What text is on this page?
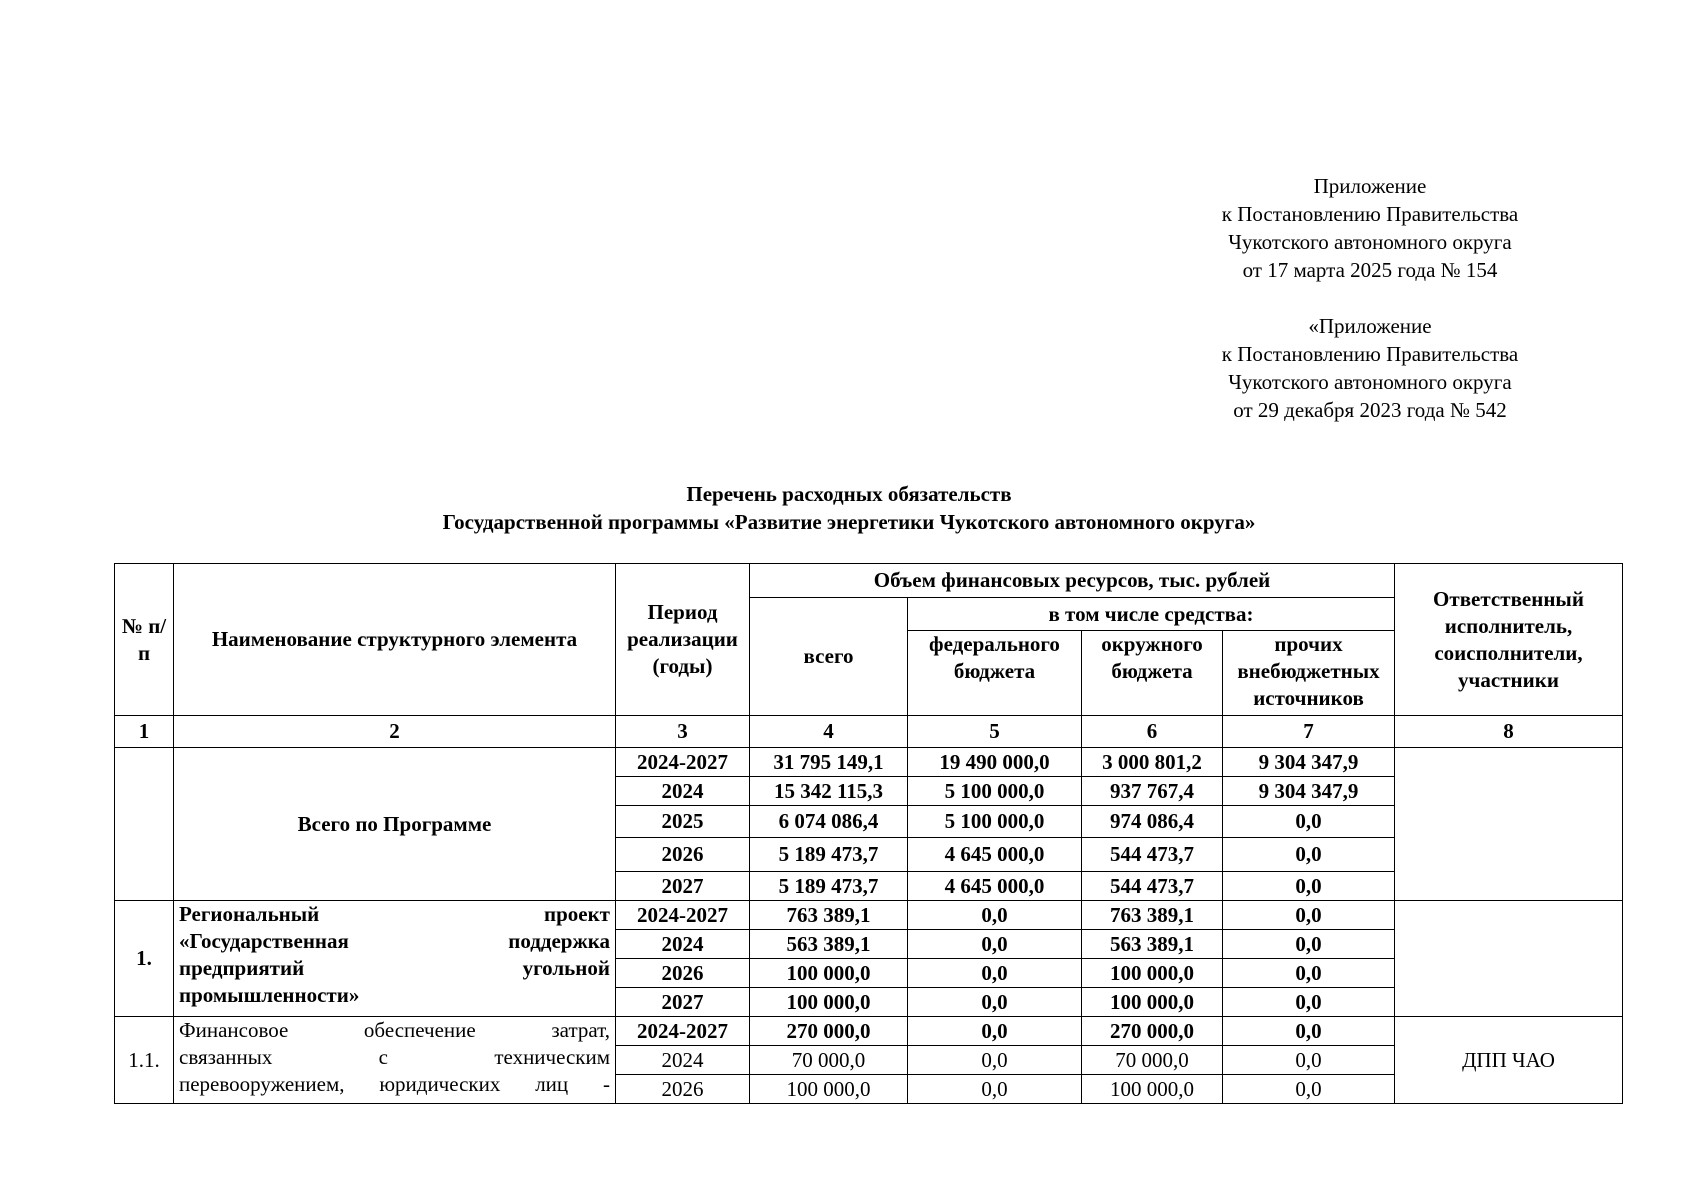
Приложение
к Постановлению Правительства
Чукотского автономного округа
от 17 марта 2025 года № 154
«Приложение
к Постановлению Правительства
Чукотского автономного округа
от 29 декабря 2023 года № 542
Перечень расходных обязательств
Государственной программы «Развитие энергетики Чукотского автономного округа»
№ п/п	Наименование структурного элемента	Период реализации (годы)	Объем финансовых ресурсов, тыс. рублей				Ответственный исполнитель, соисполнители, участники
			всего	в том числе средства:			
				федерального бюджета	окружного бюджета	прочих внебюджетных источников	
1	2	3	4	5	6	7	8
	Всего по Программе	2024-2027	31 795 149,1	19 490 000,0	3 000 801,2	9 304 347,9	
		2024	15 342 115,3	5 100 000,0	937 767,4	9 304 347,9	
		2025	6 074 086,4	5 100 000,0	974 086,4	0,0	
		2026	5 189 473,7	4 645 000,0	544 473,7	0,0	
		2027	5 189 473,7	4 645 000,0	544 473,7	0,0	
1.	Региональный проект
«Государственная поддержка
предприятий угольной
промышленности»	2024-2027	763 389,1	0,0	763 389,1	0,0	
		2024	563 389,1	0,0	563 389,1	0,0	
		2026	100 000,0	0,0	100 000,0	0,0	
		2027	100 000,0	0,0	100 000,0	0,0	
1.1.	Финансовое обеспечение затрат,
связанных с техническим
перевооружением, юридических лиц -	2024-2027	270 000,0	0,0	270 000,0	0,0	ДПП ЧАО
		2024	70 000,0	0,0	70 000,0	0,0	
		2026	100 000,0	0,0	100 000,0	0,0	
